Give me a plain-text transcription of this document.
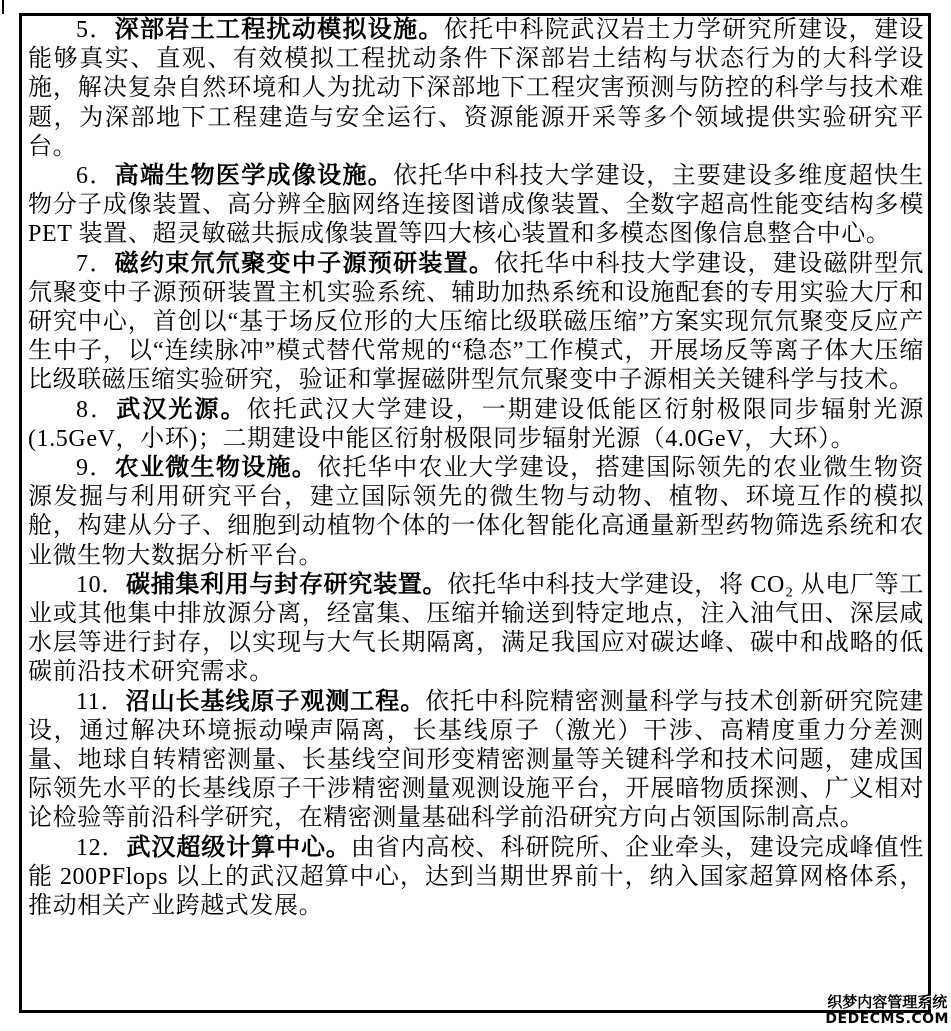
5．深部岩土工程扰动模拟设施。依托中科院武汉岩土力学研究所建设，建设能够真实、直观、有效模拟工程扰动条件下深部岩土结构与状态行为的大科学设施，解决复杂自然环境和人为扰动下深部地下工程灾害预测与防控的科学与技术难题，为深部地下工程建造与安全运行、资源能源开采等多个领域提供实验研究平台。

6．高端生物医学成像设施。依托华中科技大学建设，主要建设多维度超快生物分子成像装置、高分辨全脑网络连接图谱成像装置、全数字超高性能变结构多模 PET 装置、超灵敏磁共振成像装置等四大核心装置和多模态图像信息整合中心。

7．磁约束氘氘聚变中子源预研装置。依托华中科技大学建设，建设磁阱型氘氘聚变中子源预研装置主机实验系统、辅助加热系统和设施配套的专用实验大厅和研究中心，首创以“基于场反位形的大压缩比级联磁压缩”方案实现氘氘聚变反应产生中子，以“连续脉冲”模式替代常规的“稳态”工作模式，开展场反等离子体大压缩比级联磁压缩实验研究，验证和掌握磁阱型氘氘聚变中子源相关关键科学与技术。

8．武汉光源。依托武汉大学建设，一期建设低能区衍射极限同步辐射光源(1.5GeV，小环)；二期建设中能区衍射极限同步辐射光源（4.0GeV，大环）。

9．农业微生物设施。依托华中农业大学建设，搭建国际领先的农业微生物资源发掘与利用研究平台，建立国际领先的微生物与动物、植物、环境互作的模拟舱，构建从分子、细胞到动植物个体的一体化智能化高通量新型药物筛选系统和农业微生物大数据分析平台。

10．碳捕集利用与封存研究装置。依托华中科技大学建设，将 CO₂ 从电厂等工业或其他集中排放源分离，经富集、压缩并输送到特定地点，注入油气田、深层咸水层等进行封存，以实现与大气长期隔离，满足我国应对碳达峰、碳中和战略的低碳前沿技术研究需求。

11．沼山长基线原子观测工程。依托中科院精密测量科学与技术创新研究院建设，通过解决环境振动噪声隔离，长基线原子（激光）干涉、高精度重力分差测量、地球自转精密测量、长基线空间形变精密测量等关键科学和技术问题，建成国际领先水平的长基线原子干涉精密测量观测设施平台，开展暗物质探测、广义相对论检验等前沿科学研究，在精密测量基础科学前沿研究方向占领国际制高点。

12．武汉超级计算中心。由省内高校、科研院所、企业牵头，建设完成峰值性能 200PFlops 以上的武汉超算中心，达到当期世界前十，纳入国家超算网格体系，推动相关产业跨越式发展。

织梦内容管理系统
DEDECMS.COM
